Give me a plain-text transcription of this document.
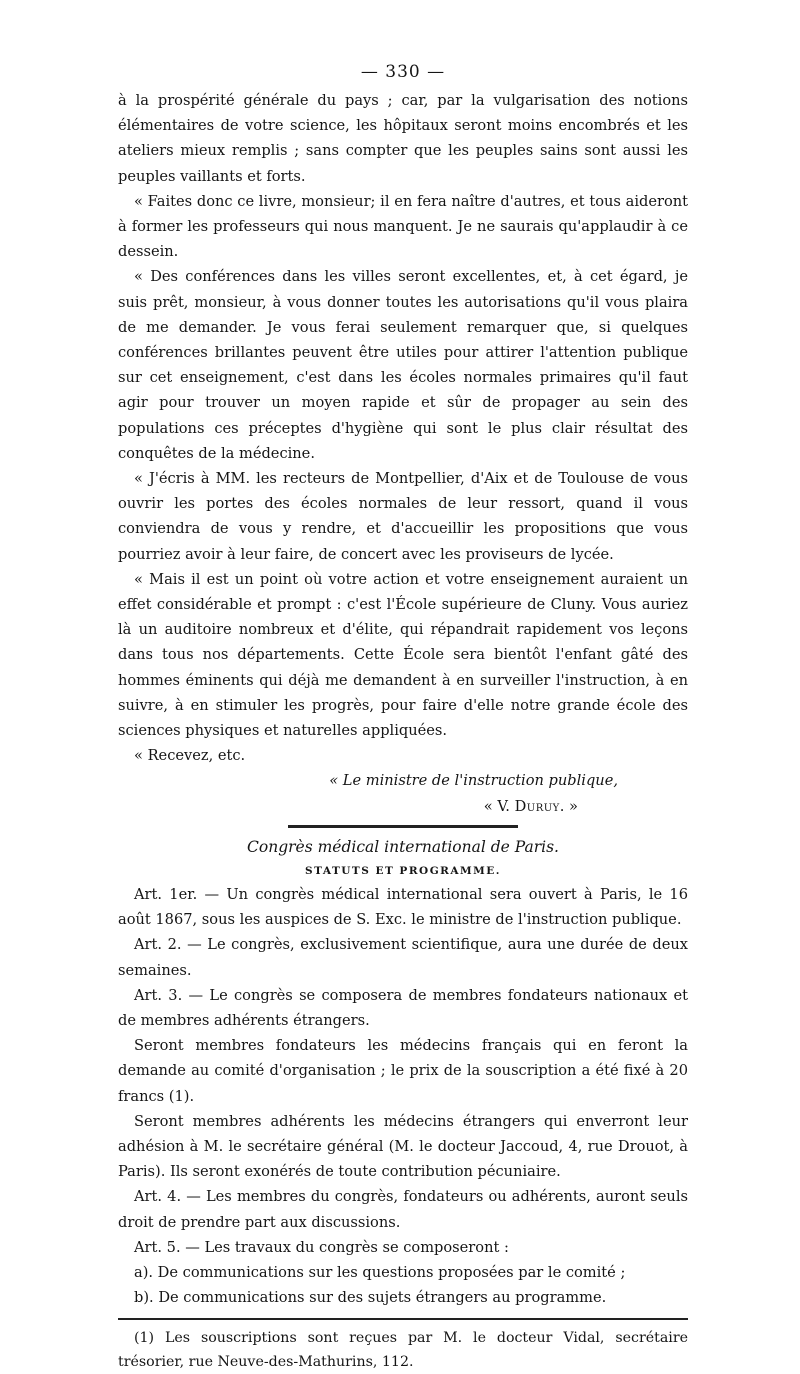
— 330 —

à la prospérité générale du pays ; car, par la vulgarisation des notions élémentaires de votre science, les hôpitaux seront moins encombrés et les ateliers mieux remplis ; sans compter que les peuples sains sont aussi les peuples vaillants et forts.

« Faites donc ce livre, monsieur; il en fera naître d'autres, et tous aideront à former les professeurs qui nous manquent. Je ne saurais qu'applaudir à ce dessein.

« Des conférences dans les villes seront excellentes, et, à cet égard, je suis prêt, monsieur, à vous donner toutes les autorisations qu'il vous plaira de me demander. Je vous ferai seulement remarquer que, si quelques conférences brillantes peuvent être utiles pour attirer l'attention publique sur cet enseignement, c'est dans les écoles normales primaires qu'il faut agir pour trouver un moyen rapide et sûr de propager au sein des populations ces préceptes d'hygiène qui sont le plus clair résultat des conquêtes de la médecine.

« J'écris à MM. les recteurs de Montpellier, d'Aix et de Toulouse de vous ouvrir les portes des écoles normales de leur ressort, quand il vous conviendra de vous y rendre, et d'accueillir les propositions que vous pourriez avoir à leur faire, de concert avec les proviseurs de lycée.

« Mais il est un point où votre action et votre enseignement auraient un effet considérable et prompt : c'est l'École supérieure de Cluny. Vous auriez là un auditoire nombreux et d'élite, qui répandrait rapidement vos leçons dans tous nos départements. Cette École sera bientôt l'enfant gâté des hommes éminents qui déjà me demandent à en surveiller l'instruction, à en suivre, à en stimuler les progrès, pour faire d'elle notre grande école des sciences physiques et naturelles appliquées.

« Recevez, etc.

« Le ministre de l'instruction publique,

« V. Duruy. »

Congrès médical international de Paris.
STATUTS ET PROGRAMME.

Art. 1er. — Un congrès médical international sera ouvert à Paris, le 16 août 1867, sous les auspices de S. Exc. le ministre de l'instruction publique.

Art. 2. — Le congrès, exclusivement scientifique, aura une durée de deux semaines.

Art. 3. — Le congrès se composera de membres fondateurs nationaux et de membres adhérents étrangers.

Seront membres fondateurs les médecins français qui en feront la demande au comité d'organisation ; le prix de la souscription a été fixé à 20 francs (1).

Seront membres adhérents les médecins étrangers qui enverront leur adhésion à M. le secrétaire général (M. le docteur Jaccoud, 4, rue Drouot, à Paris). Ils seront exonérés de toute contribution pécuniaire.

Art. 4. — Les membres du congrès, fondateurs ou adhérents, auront seuls droit de prendre part aux discussions.

Art. 5. — Les travaux du congrès se composeront :

a). De communications sur les questions proposées par le comité ;

b). De communications sur des sujets étrangers au programme.

(1) Les souscriptions sont reçues par M. le docteur Vidal, secrétaire trésorier, rue Neuve-des-Mathurins, 112.
